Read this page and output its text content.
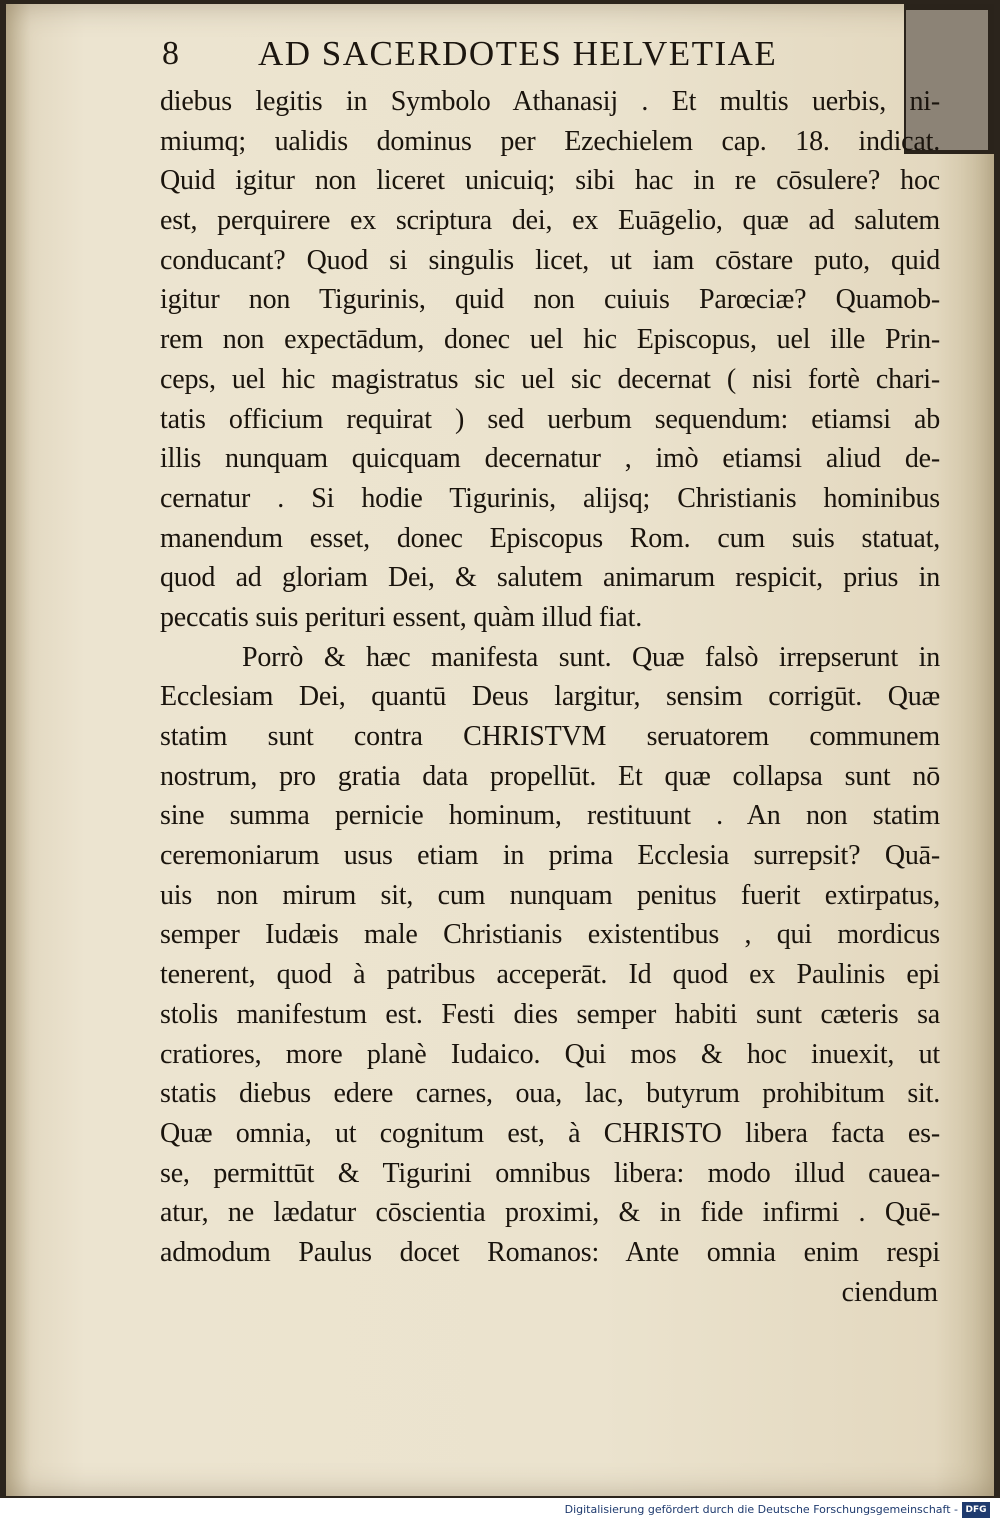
8 AD SACERDOTES HELVETIAE
diebus legitis in Symbolo Athanasij . Et multis uerbis, ni-
miumq; ualidis dominus per Ezechielem cap. 18. indicat.
Quid igitur non liceret unicuiq; sibi hac in re cōsulere? hoc
est, perquirere ex scriptura dei, ex Euāgelio, quæ ad salutem
conducant? Quod si singulis licet, ut iam cōstare puto, quid
igitur non Tigurinis, quid non cuiuis Parœciæ? Quamob-
rem non expectādum, donec uel hic Episcopus, uel ille Prin-
ceps, uel hic magistratus sic uel sic decernat ( nisi fortè chari-
tatis officium requirat ) sed uerbum sequendum: etiamsi ab
illis nunquam quicquam decernatur , imò etiamsi aliud de-
cernatur . Si hodie Tigurinis, alijsq; Christianis hominibus
manendum esset, donec Episcopus Rom. cum suis statuat,
quod ad gloriam Dei, & salutem animarum respicit, prius in
peccatis suis perituri essent, quàm illud fiat.
Porrò & hæc manifesta sunt. Quæ falsò irrepserunt in
Ecclesiam Dei, quantū Deus largitur, sensim corrigūt. Quæ
statim sunt contra CHRISTVM seruatorem communem
nostrum, pro gratia data propellūt. Et quæ collapsa sunt nō
sine summa pernicie hominum, restituunt . An non statim
ceremoniarum usus etiam in prima Ecclesia surrepsit? Quā-
uis non mirum sit, cum nunquam penitus fuerit extirpatus,
semper Iudæis male Christianis existentibus , qui mordicus
tenerent, quod à patribus acceperāt. Id quod ex Paulinis epi
stolis manifestum est. Festi dies semper habiti sunt cæteris sa
cratiores, more planè Iudaico. Qui mos & hoc inuexit, ut
statis diebus edere carnes, oua, lac, butyrum prohibitum sit.
Quæ omnia, ut cognitum est, à CHRISTO libera facta es-
se, permittūt & Tigurini omnibus libera: modo illud cauea-
atur, ne lædatur cōscientia proximi, & in fide infirmi . Quē-
admodum Paulus docet Romanos: Ante omnia enim respi
ciendum
Digitalisierung gefördert durch die Deutsche Forschungsgemeinschaft - DFG
